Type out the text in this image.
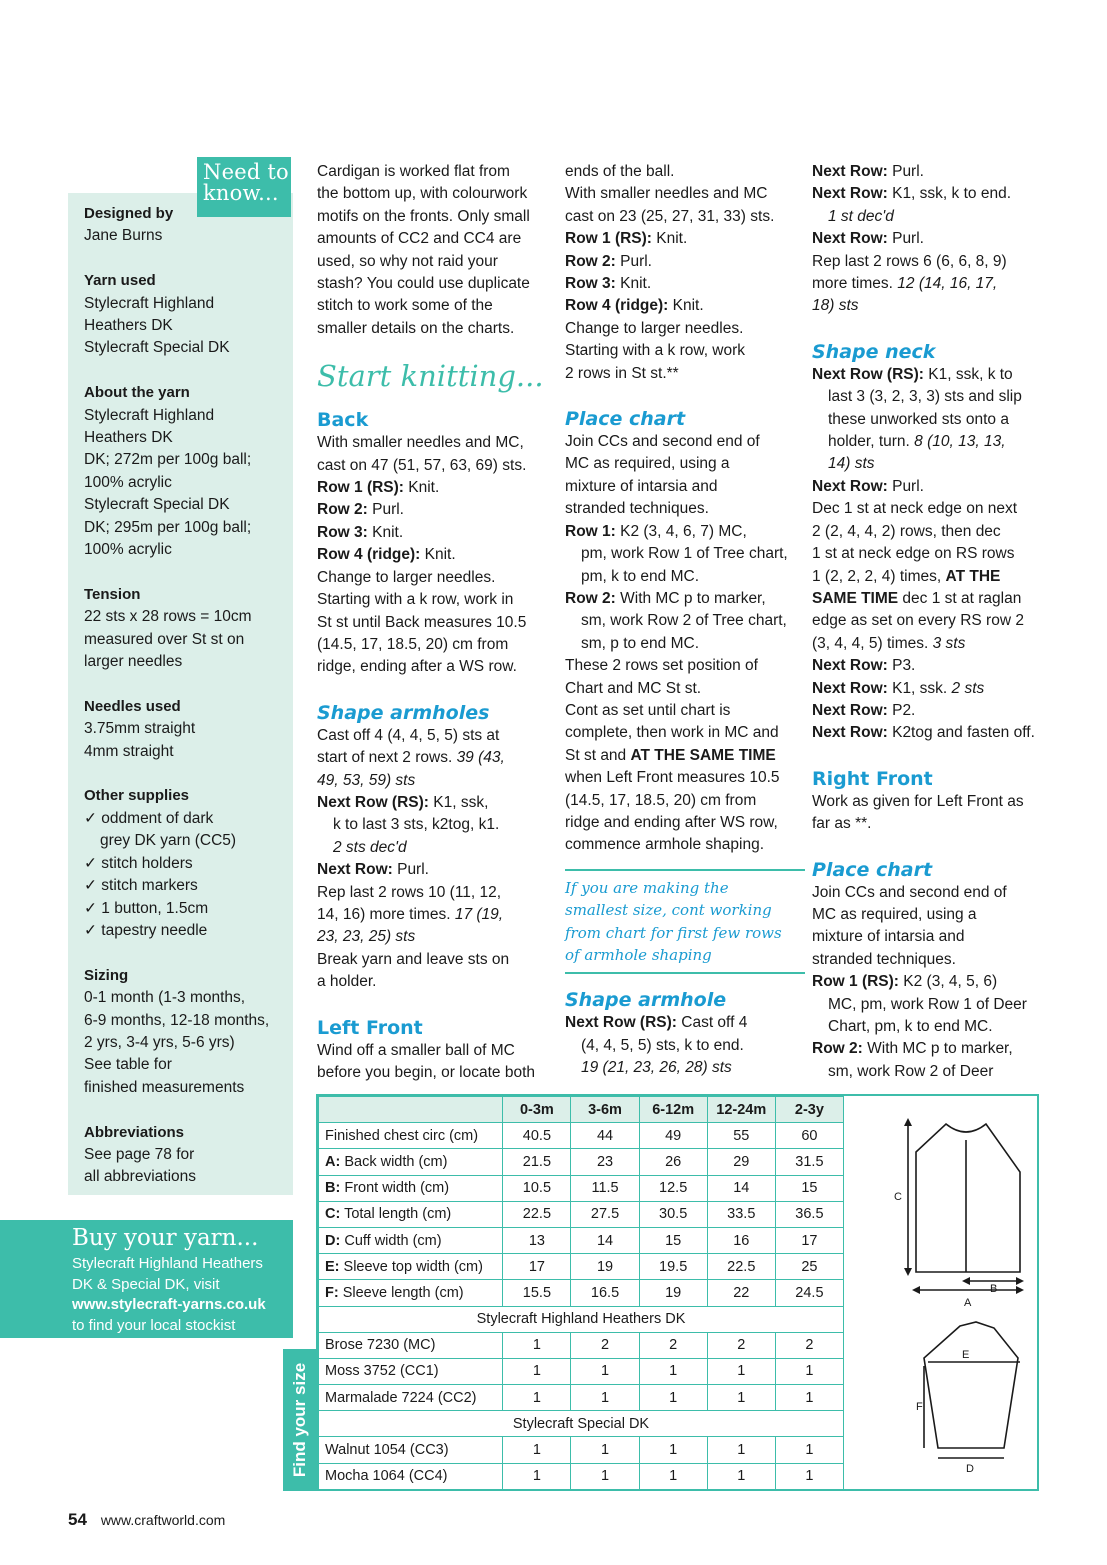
Need to
know...
Designed by
Jane Burns
Yarn used
Stylecraft Highland
Heathers DK
Stylecraft Special DK
About the yarn
Stylecraft Highland
Heathers DK
DK; 272m per 100g ball;
100% acrylic
Stylecraft Special DK
DK; 295m per 100g ball;
100% acrylic
Tension
22 sts x 28 rows = 10cm
measured over St st on
larger needles
Needles used
3.75mm straight
4mm straight
Other supplies
✓ oddment of dark
grey DK yarn (CC5)
✓ stitch holders
✓ stitch markers
✓ 1 button, 1.5cm
✓ tapestry needle
Sizing
0-1 month (1-3 months,
6-9 months, 12-18 months,
2 yrs, 3-4 yrs, 5-6 yrs)
See table for
finished measurements
Abbreviations
See page 78 for
all abbreviations
Buy your yarn...
Stylecraft Highland Heathers
DK & Special DK, visit
www.stylecraft-yarns.co.uk
to find your local stockist
Cardigan is worked flat from
the bottom up, with colourwork
motifs on the fronts. Only small
amounts of CC2 and CC4 are
used, so why not raid your
stash? You could use duplicate
stitch to work some of the
smaller details on the charts.
Start knitting...
Back
With smaller needles and MC,
cast on 47 (51, 57, 63, 69) sts.
Row 1 (RS): Knit.
Row 2: Purl.
Row 3: Knit.
Row 4 (ridge): Knit.
Change to larger needles.
Starting with a k row, work in
St st until Back measures 10.5
(14.5, 17, 18.5, 20) cm from
ridge, ending after a WS row.
Shape armholes
Cast off 4 (4, 4, 5, 5) sts at
start of next 2 rows. 39 (43,
49, 53, 59) sts
Next Row (RS): K1, ssk,
k to last 3 sts, k2tog, k1.
2 sts dec'd
Next Row: Purl.
Rep last 2 rows 10 (11, 12,
14, 16) more times. 17 (19,
23, 23, 25) sts
Break yarn and leave sts on
a holder.
Left Front
Wind off a smaller ball of MC
before you begin, or locate both
ends of the ball.
With smaller needles and MC
cast on 23 (25, 27, 31, 33) sts.
Row 1 (RS): Knit.
Row 2: Purl.
Row 3: Knit.
Row 4 (ridge): Knit.
Change to larger needles.
Starting with a k row, work
2 rows in St st.**
Place chart
Join CCs and second end of
MC as required, using a
mixture of intarsia and
stranded techniques.
Row 1: K2 (3, 4, 6, 7) MC,
pm, work Row 1 of Tree chart,
pm, k to end MC.
Row 2: With MC p to marker,
sm, work Row 2 of Tree chart,
sm, p to end MC.
These 2 rows set position of
Chart and MC St st.
Cont as set until chart is
complete, then work in MC and
St st and AT THE SAME TIME
when Left Front measures 10.5
(14.5, 17, 18.5, 20) cm from
ridge and ending after WS row,
commence armhole shaping.
If you are making the
smallest size, cont working
from chart for first few rows
of armhole shaping
Shape armhole
Next Row (RS): Cast off 4
(4, 4, 5, 5) sts, k to end.
19 (21, 23, 26, 28) sts
Next Row: Purl.
Next Row: K1, ssk, k to end.
1 st dec'd
Next Row: Purl.
Rep last 2 rows 6 (6, 6, 8, 9)
more times. 12 (14, 16, 17,
18) sts
Shape neck
Next Row (RS): K1, ssk, k to
last 3 (3, 2, 3, 3) sts and slip
these unworked sts onto a
holder, turn. 8 (10, 13, 13,
14) sts
Next Row: Purl.
Dec 1 st at neck edge on next
2 (2, 4, 4, 2) rows, then dec
1 st at neck edge on RS rows
1 (2, 2, 2, 4) times, AT THE
SAME TIME dec 1 st at raglan
edge as set on every RS row 2
(3, 4, 4, 5) times. 3 sts
Next Row: P3.
Next Row: K1, ssk. 2 sts
Next Row: P2.
Next Row: K2tog and fasten off.
Right Front
Work as given for Left Front as
far as **.
Place chart
Join CCs and second end of
MC as required, using a
mixture of intarsia and
stranded techniques.
Row 1 (RS): K2 (3, 4, 5, 6)
MC, pm, work Row 1 of Deer
Chart, pm, k to end MC.
Row 2: With MC p to marker,
sm, work Row 2 of Deer
Find your size
	0-3m	3-6m	6-12m	12-24m	2-3y
Finished chest circ (cm)	40.5	44	49	55	60
A: Back width (cm)	21.5	23	26	29	31.5
B: Front width (cm)	10.5	11.5	12.5	14	15
C: Total length (cm)	22.5	27.5	30.5	33.5	36.5
D: Cuff width (cm)	13	14	15	16	17
E: Sleeve top width (cm)	17	19	19.5	22.5	25
F: Sleeve length (cm)	15.5	16.5	19	22	24.5
Stylecraft Highland Heathers DK					
Brose 7230 (MC)	1	2	2	2	2
Moss 3752 (CC1)	1	1	1	1	1
Marmalade 7224 (CC2)	1	1	1	1	1
Stylecraft Special DK					
Walnut 1054 (CC3)	1	1	1	1	1
Mocha 1064 (CC4)	1	1	1	1	1
C
A
B
E
F
D
54 www.craftworld.com
